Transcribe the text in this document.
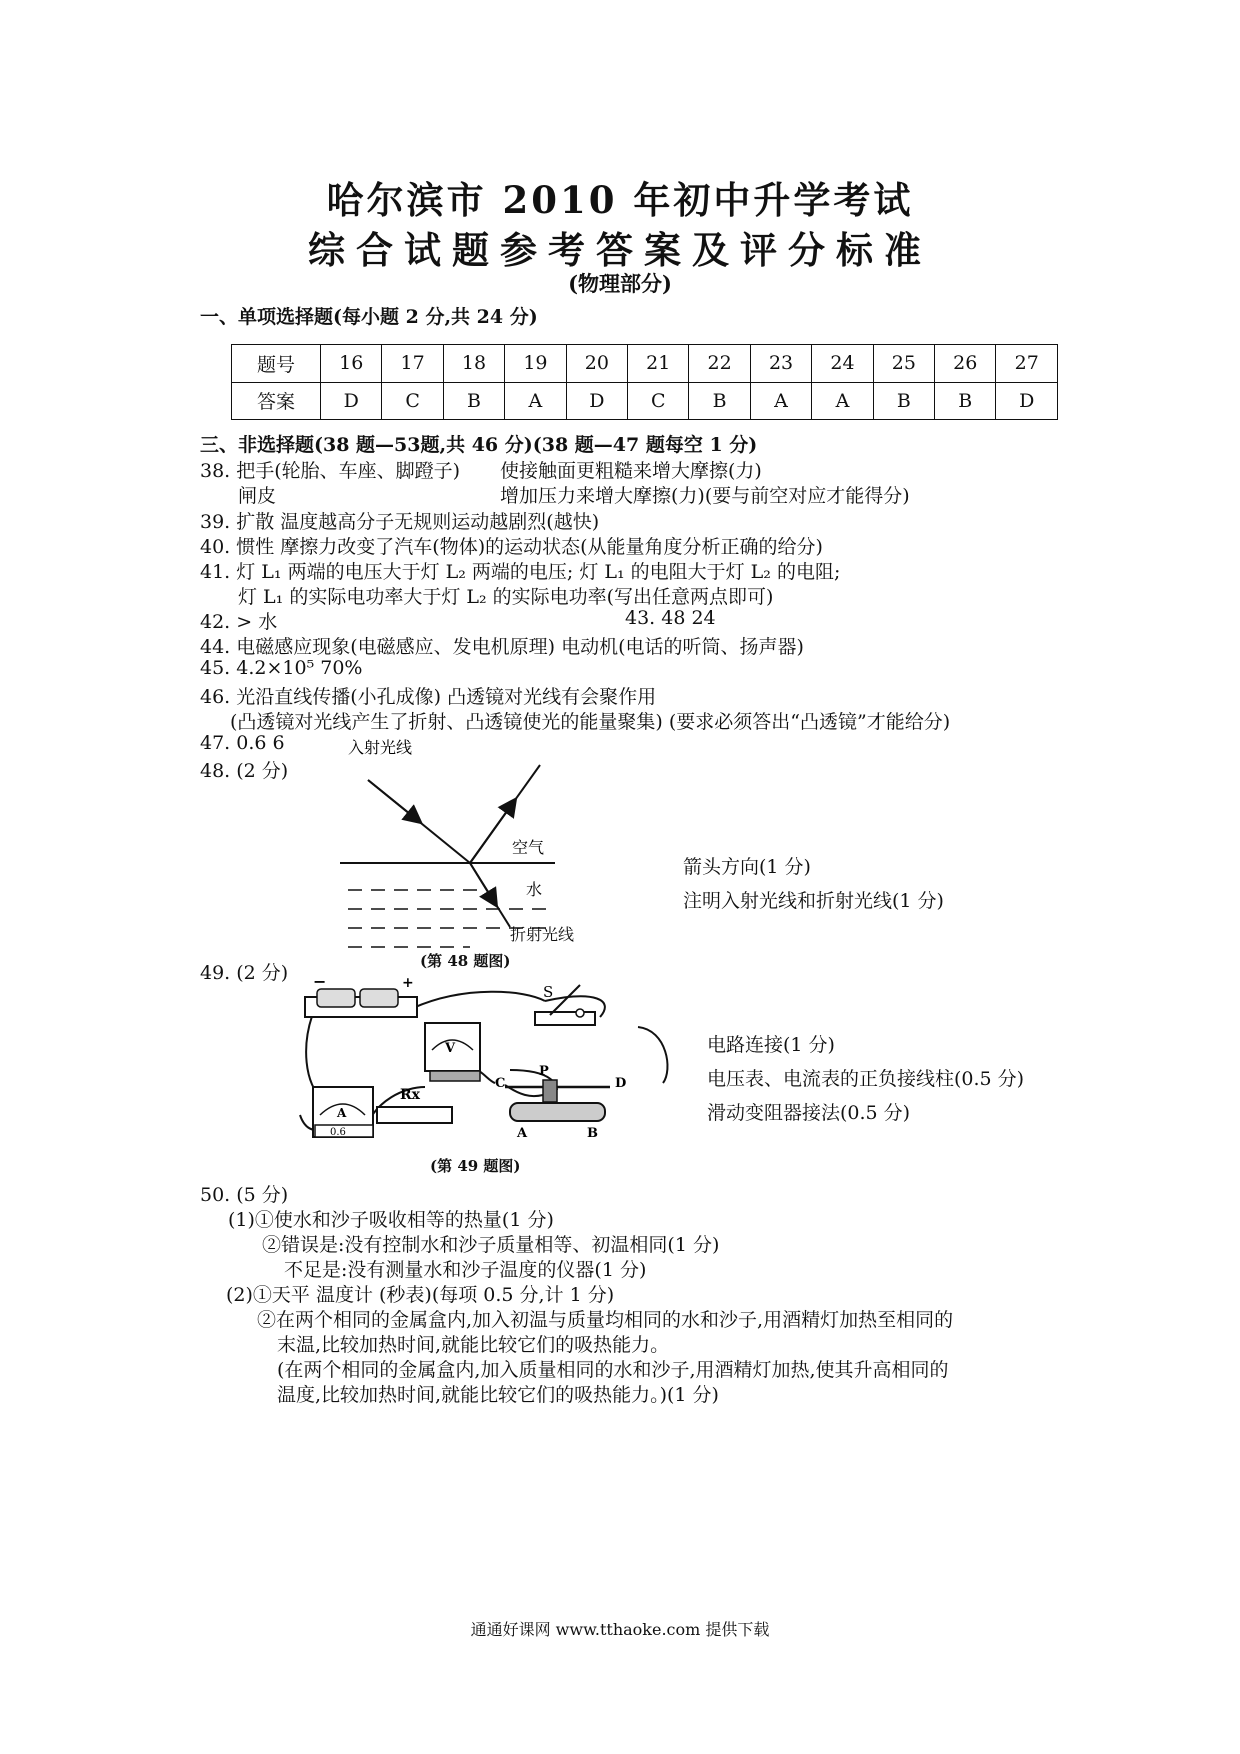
哈尔滨市 2010 年初中升学考试
综合试题参考答案及评分标准
(物理部分)
一、单项选择题(每小题 2 分,共 24 分)
题号	16	17	18	19	20	21	22	23	24	25	26	27
答案	D	C	B	A	D	C	B	A	A	B	B	D
三、非选择题(38 题—53题,共 46 分)(38 题—47 题每空 1 分)
38. 把手(轮胎、车座、脚蹬子) 使接触面更粗糙来增大摩擦(力)
闸皮	增加压力来增大摩擦(力)(要与前空对应才能得分)
39. 扩散 温度越高分子无规则运动越剧烈(越快)
40. 惯性 摩擦力改变了汽车(物体)的运动状态(从能量角度分析正确的给分)
41. 灯 L₁ 两端的电压大于灯 L₂ 两端的电压; 灯 L₁ 的电阻大于灯 L₂ 的电阻;
灯 L₁ 的实际电功率大于灯 L₂ 的实际电功率(写出任意两点即可)
42. > 水	43. 48 24
44. 电磁感应现象(电磁感应、发电机原理) 电动机(电话的听筒、扬声器)
45. 4.2×10⁵ 70%
46. 光沿直线传播(小孔成像) 凸透镜对光线有会聚作用
(凸透镜对光线产生了折射、凸透镜使光的能量聚集) (要求必须答出“凸透镜”才能给分)
47. 0.6 6
48. (2 分)
入射光线
空气
水
折射光线
(第 48 题图)
箭头方向(1 分)
注明入射光线和折射光线(1 分)
49. (2 分) −	+	S
V
A
0.6
Rx
C
P
D
A	B
(第 49 题图)
电路连接(1 分)
电压表、电流表的正负接线柱(0.5 分)
滑动变阻器接法(0.5 分)
50. (5 分)
(1)①使水和沙子吸收相等的热量(1 分)
②错误是:没有控制水和沙子质量相等、初温相同(1 分)
不足是:没有测量水和沙子温度的仪器(1 分)
(2)①天平 温度计 (秒表)(每项 0.5 分,计 1 分)
②在两个相同的金属盒内,加入初温与质量均相同的水和沙子,用酒精灯加热至相同的
末温,比较加热时间,就能比较它们的吸热能力。
(在两个相同的金属盒内,加入质量相同的水和沙子,用酒精灯加热,使其升高相同的
温度,比较加热时间,就能比较它们的吸热能力。)(1 分)
通通好课网 www.tthaoke.com 提供下载
